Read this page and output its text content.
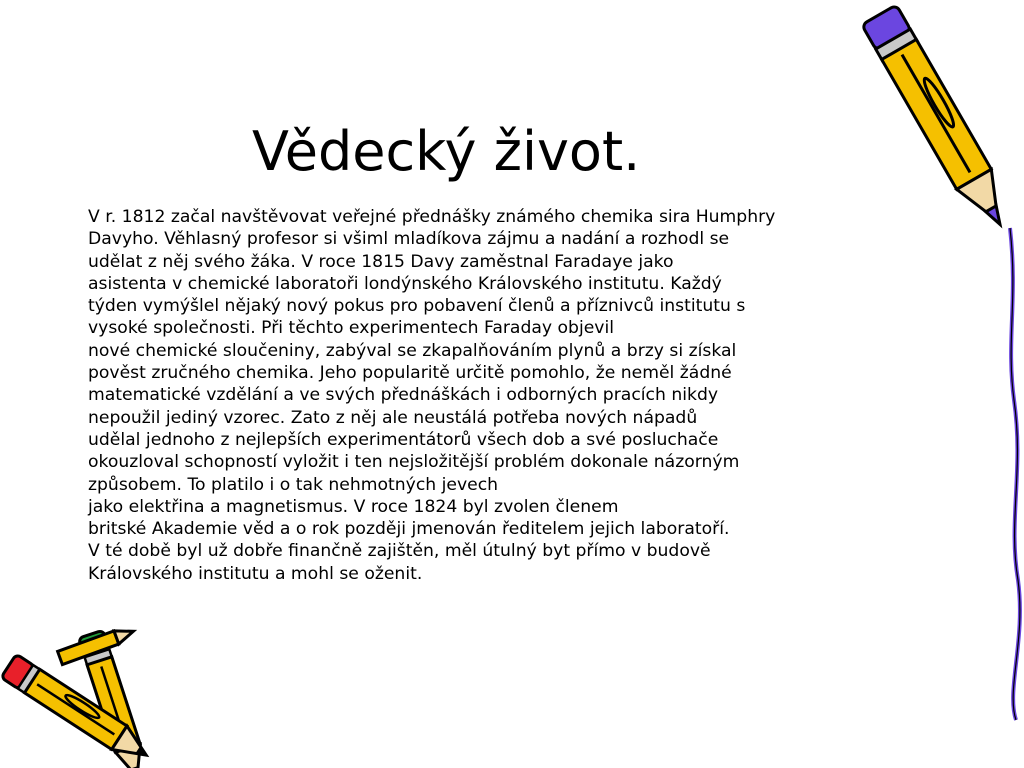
Vědecký život.

V r. 1812 začal navštěvovat veřejné přednášky známého chemika sira Humphry
Davyho. Věhlasný profesor si všiml mladíkova zájmu a nadání a rozhodl se
udělat z něj svého žáka. V roce 1815 Davy zaměstnal Faradaye jako
asistenta v chemické laboratoři londýnského Královského institutu. Každý
týden vymýšlel nějaký nový pokus pro pobavení členů a příznivců institutu s
vysoké společnosti. Při těchto experimentech Faraday objevil
nové chemické sloučeniny, zabýval se zkapalňováním plynů a brzy si získal
pověst zručného chemika. Jeho popularitě určitě pomohlo, že neměl žádné
matematické vzdělání a ve svých přednáškách i odborných pracích nikdy
nepoužil jediný vzorec. Zato z něj ale neustálá potřeba nových nápadů
udělal jednoho z nejlepších experimentátorů všech dob a své posluchače
okouzloval schopností vyložit i ten nejsložitější problém dokonale názorným
způsobem. To platilo i o tak nehmotných jevech
jako elektřina a magnetismus. V roce 1824 byl zvolen členem
britské Akademie věd a o rok později jmenován ředitelem jejich laboratoří.
V té době byl už dobře finančně zajištěn, měl útulný byt přímo v budově
Královského institutu a mohl se oženit.
